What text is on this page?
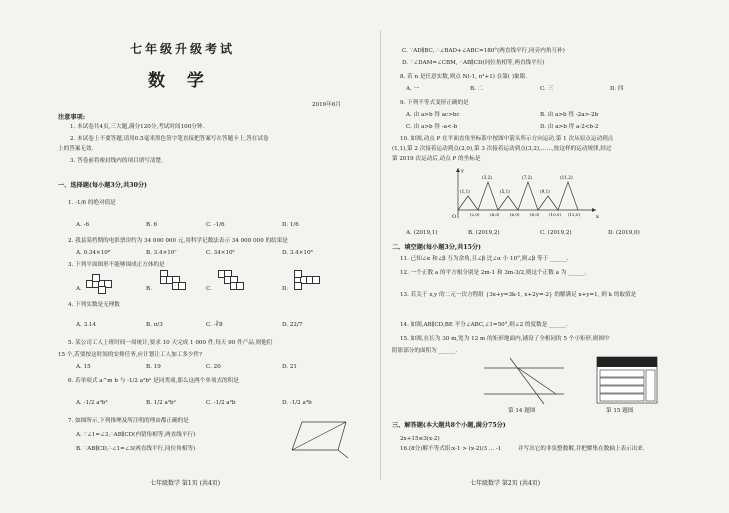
七年级升级考试
数 学
2019年6月
注意事项:
1. 本试卷共4页,三大题,满分120分,考试时间100分钟.
2. 本试卷上不要答题,请用0.5毫米黑色签字笔直接把答案写在答题卡上,答在试卷
上的答案无效.
3. 答卷前将密封线内的项目填写清楚.
一、选择题(每小题3分,共30分)
1. -1/6 的绝对值是
A. -6	B. 6	C. -1/6	D. 1/6
2. 我县某档期的电影票房约为 34 000 000 元,用科学记数法表示 34 000 000 的结果是
A. 0.34×10⁸	B. 3.4×10⁷	C. 34×10⁶	D. 3.4×10⁸
3. 下列平面图形不能够围成正方体的是
A.	B.	C.	D.
4. 下列实数是无理数
A. 3.14	B. π/3	C. -∛8	D. 22/7
5. 某公司工人上班时间一周统计,要求 10 天完成 1 000 件,每天 90 件产品,则他们
15 个,若要按这时间的安排任务,应计划让工人加工多少件?
A. 15	B. 19	C. 20	D. 21
6. 若单项式 a^m b 与 -1/2 a²bⁿ 是同类项,那么这两个单项式的积是
A. -1/2 a⁴b²	B. 1/2 a³b²	C. -1/2 a²b	D. -1/2 a⁴b
7. 如图所示,下列推理及所注明的理由都正确的是
A. ∵∠1=∠3,∴AB∥CD(内错角相等,两直线平行)
B. ∵AB∥CD,∴∠1=∠3(两直线平行,同位角相等)
七年级数学 第1页 (共4页)
C. ∵AD∥BC, ∴∠BAD+∠ABC=180°(两直线平行,同旁内角互补)
D. ∵∠DAM=∠CBM, ∴AB∥CD(同位角相等,两直线平行)
8. 若 n 是任意实数,则点 N(-1, n²+1) 在第( )象限.
A. 一	B. 二	C. 三	D. 四
9. 下列不等式变形正确的是
A. 由 a>b 得 ac>bc	B. 由 a>b 得 -2a>-2b
C. 由 a>b 得 -a<-b	D. 由 a>b 得 a-2<b-2
10. 如图,动点 P 在平面直角坐标系中按图中箭头所示方向运动,第 1 次从原点运动到点
(1,1),第 2 次接着运动到点(2,0),第 3 次接着运动到点(3,2),……,按这样的运动规律,经过
第 2019 次运动后,动点 P 的坐标是
O	x
y
(1,1)
(3,2)
(5,1)
(7,2)
(9,1)
(11,2)
(2,0)	(4,0)	(6,0)	(8,0) (10,0) (12,0)
A. (2019,1)	B. (2019,2)	C. (2019,2)	D. (2019,0)
二、填空题(每小题3分,共15分)
11. 已知∠α 和∠β 互为余角,且∠β 比∠α 小 10°,则∠β 等于 ______.
12. 一个正数 a 的平方根分别是 2m-1 和 3m-3/2,则这个正数 a 为 ______.
13. 若关于 x,y 的二元一次方程组 {3x+y=3k-1, x+2y=-2} 的解满足 x+y=1, 则 k 的取值是
14. 如图,AB∥CD,BE 平分∠ABC,∠1=50°,则∠2 的度数是 ______.
15. 如图,在长为 30 m,宽为 12 m 的矩形地面内,铺设了全相同的 5 个小矩形,则图中
阴影部分的面积为 ______.
第 14 题图	第 15 题图
三、解答题(本大题共8个小题,满分75分)
2x+15≤3(x-2)
16.(8分)解不等式组: x-1 > (x-2)/3 ... -1	并写出它的非负整数解,并把解集在数轴上表示出来.
七年级数学 第2页 (共4页)
